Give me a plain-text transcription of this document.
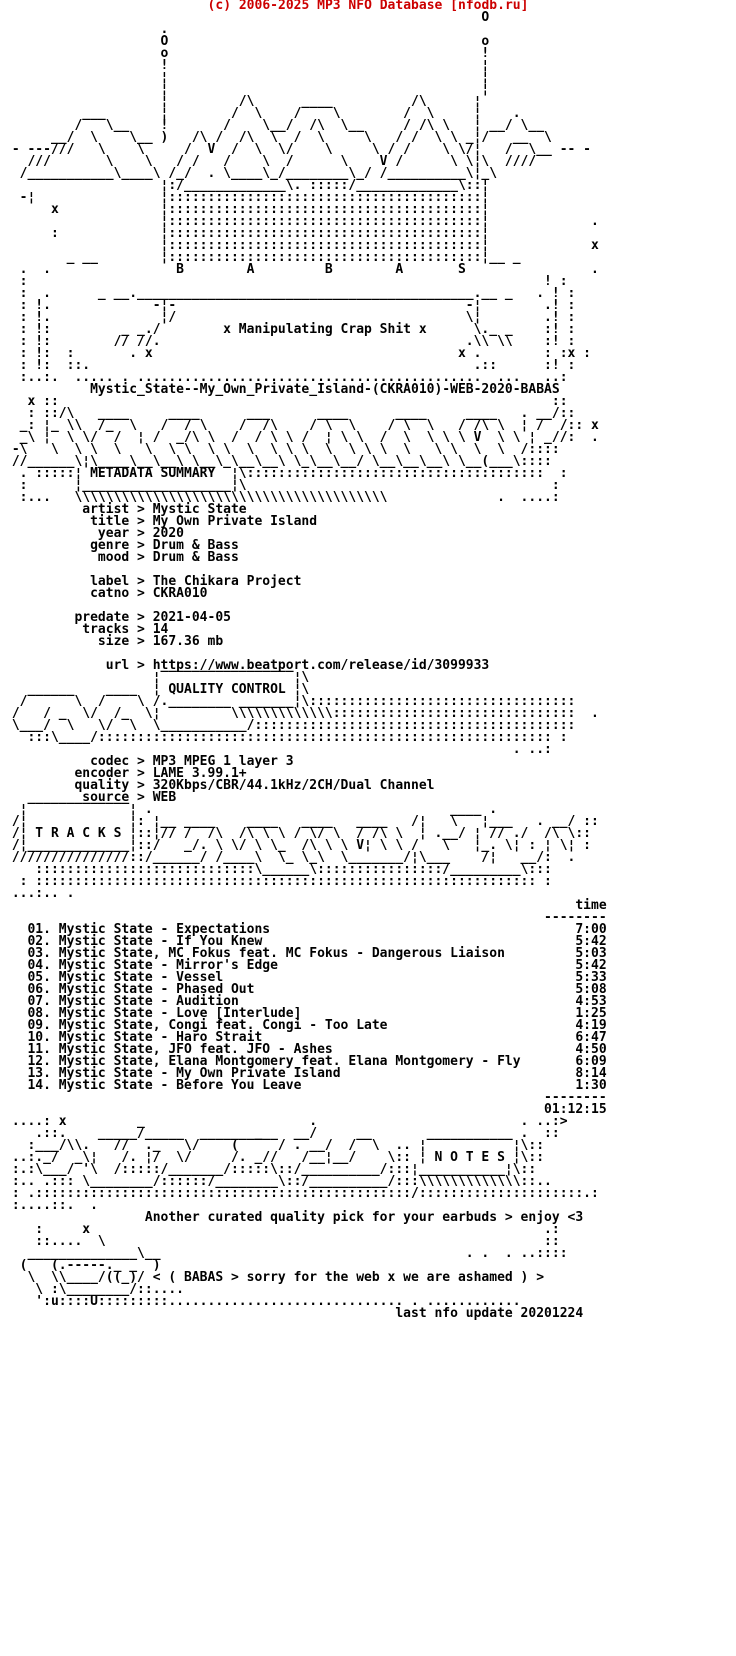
(c) 2006-2025 MP3 NFO Database [nfodb.ru]
O
.
O                                        o
o                                        !
!                                        ¦
¦                                        ¦
¦                                        ¦
¦         /\      ____          /\      ¦
___       ¦        /  \    /    \        /  \     ¦    .
/   \__    !       /    \__/  /\  \__     / /\ \   ¦ __/ \__
__/  \    \__ )   /\ /  /\  \  /  \     \   / /  \ \ _¦/   __  \
- ---///   \    \     /  V  /  \  \/    \     \ / /    \ \/¦   /  \__ -- -
///       \    \   / /   /    \  /      \    V /      \ \¦\  ////
/___________\____\ /_/  . \____\_/________\_/ /__________\¦_\
¦:/_____________\. :::::/_____________\::¦
-¦                ¦::::::::::::::::::::::::::::::::::::::::¦
x             ¦::::::::::::::::::::::::::::::::::::::::¦
¦::::::::::::::::::::::::::::::::::::::::¦             .
:             ¦::::::::::::::::::::::::::::::::::::::::¦
¦::::::::::::::::::::::::::::::::::::::::¦             x
_ __        ¦::::::::::::::::::::::::::::::::::::::::¦__ _
.  .                B        A         B        A       S                .
:                                                                  ! :
:  .      _ __.___________________________________________.__ _   . ! :
: !.             -¦-                                     -¦        .! :
: !.              ¦/                                     \¦        .! :
: !:         _ _./        x Manipulating Crap Shit x      \._ _    :! :
: !:        // //.                                       .\\ \\    :! :
: !:  :       . x                                       x .        : :x :
: !:  ::.                                                 .::      :! :
:..:.  ..... . ............................................  ...   ..:
Mystic_State--My_Own_Private_Island-(CKRA010)-WEB-2020-BABAS
x ::                                                               ::
: ::/\   ____     ____      ___      ____      ____     ____   . __/::
_: ¦_ \\  /_  \   /  / \    /  /\    / \  \    / \  \   / /\ \  ¦ /  /:: x
_\ ¦  \ \/  /  ¦ /  _/\ \  /  / \ \ /  ¦ \ \  /  \  \ \ \ V  \ \ ¦ _//:  .
-\   \  \ \  \   \  \ \  \ \  \  \ \ \  \  \ \ \  \   \ \  \  \  /::::
//______\¦\____\__\__\ \__\_\__\__\ \_\__\__/ \__\__\__\ \__(___\::::
. :::::¦ METADATA SUMMARY  ¦\::::::::::::::::::::::::::::::::::::::  :
:      ¦___________________¦\                                       :
:...   \\\\\\\\\\\\\\\\\\\\\\\\\\\\\\\\\\\\\\\\              .  ....:
artist > Mystic State
title > My Own Private Island
year > 2020
genre > Drum & Bass
mood > Drum & Bass

label > The Chikara Project
catno > CKRA010

predate > 2021-04-05
tracks > 14
size > 167.36 mb

url > https://www.beatport.com/release/id/3099933
¦‾‾‾‾‾‾‾‾‾‾‾‾‾‾‾‾‾¦\
______    ____  ¦ QUALITY CONTROL ¦\
/      \  /    \ /.________ _______¦\::::::::::::::::::::::::::::::::::
/   / _  \/  /_  \¦         \\\\\\\\\\\\\:::::::::::::::::::::::::::::::  .
\___/  \   \/  \  \___________/:::::::::::::::::::::::::::::::::::::::::
:::\____/:::::::::::::::::::::::::::::::::::::::::::::::::::::::::: :
. ..:
codec > MP3 MPEG 1 layer 3
encoder > LAME 3.99.1+
quality > 320Kbps/CBR/44.1kHz/2CH/Dual Channel
source > WEB
¦‾‾‾‾‾‾‾‾‾‾‾‾‾¦ .                                      ____ .
/¦             ¦: ¦__ ____    ____   ____   ____   /¦   \   ¦___   . __/ ::
/¦ T R A C K S ¦::¦// /  /\  /\ \ \ / \/ \  / /\ \  ¦ .__/ ¦ // ./  /\ \::
/¦_____________¦::/   _/. \ \/ \ \_  /\ \ \ V¦ \ \ /   \   ¦_. \¦ : ¦ \¦ :
///////////////::/______/ /____\  \_ \_\  \_______/¦\___    /¦   __/:  .
::::::::::::::::::::::::::::\______\::::::::::::::::/_________\:::
: :::::::::::::::::::::::::::::::::::::::::::::::::::::::::::::::: :
...:.. .
time
--------
01. Mystic State - Expectations                                       7:00
02. Mystic State - If You Knew                                        5:42
03. Mystic State, MC Fokus feat. MC Fokus - Dangerous Liaison         5:03
04. Mystic State - Mirror's Edge                                      5:42
05. Mystic State - Vessel                                             5:33
06. Mystic State - Phased Out                                         5:08
07. Mystic State - Audition                                           4:53
08. Mystic State - Love [Interlude]                                   1:25
09. Mystic State, Congi feat. Congi - Too Late                        4:19
10. Mystic State - Haro Strait                                        6:47
11. Mystic State, JFO feat. JFO - Ashes                               4:50
12. Mystic State, Elana Montgomery feat. Elana Montgomery - Fly       6:09
13. Mystic State - My Own Private Island                              8:14
14. Mystic State - Before You Leave                                   1:30
--------
01:12:15
....: x         _                     .                          . ..:>
.::.    _____/_____      ____    __/                          .  ::
:___/\\.   //  ._   \/‾‾‾‾(  ‾‾‾/ . __/  /‾‾\  .. ¦‾‾‾‾‾‾‾‾‾‾‾¦\::
..:._/  _\¦   /. ¦/  \/     /. _//   /__¦__/    \:: ¦ N O T E S ¦\::
:.:\___/ '\  /:::::/_______/:::::\::/__________/:::¦___________¦\::
:.. .::: \________/::::::/________\::/__________/:::\\\\\\\\\\\\\::..
: .::::::::::::::::::::::::::::::::::::::::::::::::/:::::::::::::::::::::.:
:....::.  .
Another curated quality pick for your earbuds > enjoy <3
:     x                                                          .:
::....  \                                                        ::
______________\__                                       . .  . ..::::
(   (.-----._ _  )
\  \\____/((_)/ < ( BABAS > sorry for the web x we are ashamed ) >
\ :\________/::....
':u::::U:::::::::.............................. . ............
last nfo update 20201224
